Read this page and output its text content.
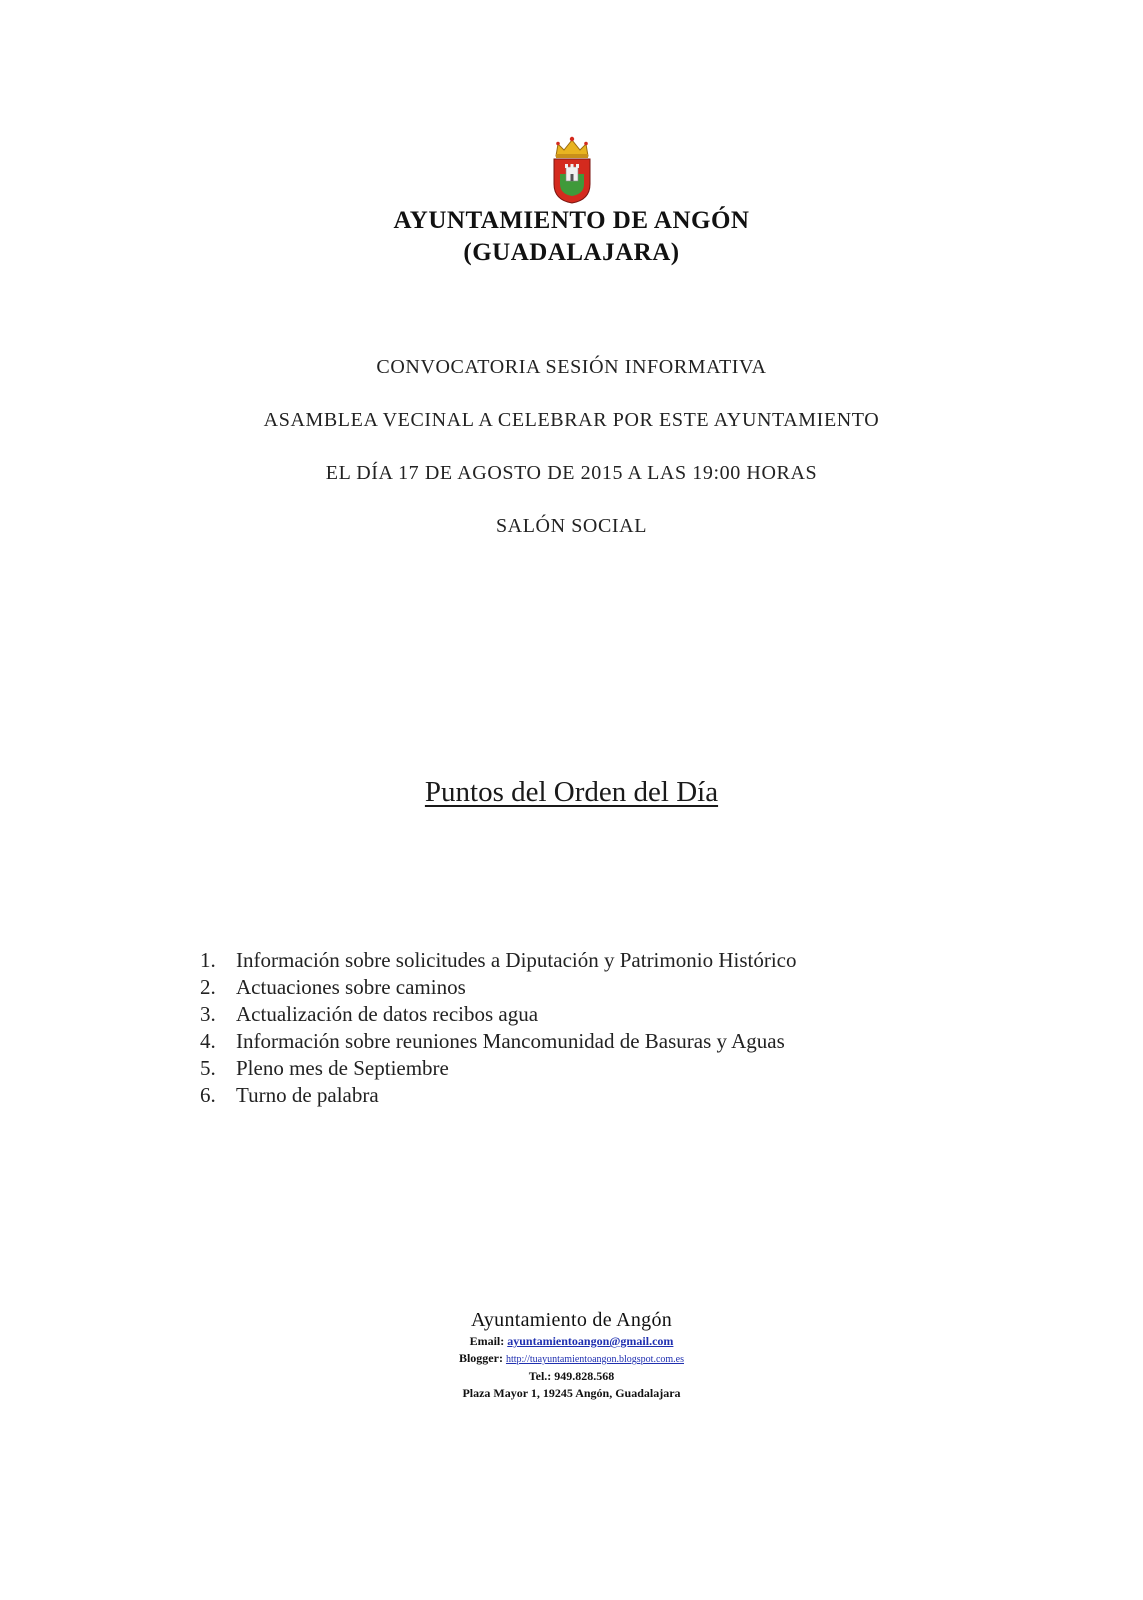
AYUNTAMIENTO DE ANGÓN
(GUADALAJARA)
CONVOCATORIA SESIÓN INFORMATIVA
ASAMBLEA VECINAL A CELEBRAR POR ESTE AYUNTAMIENTO
EL DÍA 17 DE AGOSTO DE 2015 A LAS 19:00 HORAS
SALÓN SOCIAL
Puntos del Orden del Día
1. Información sobre solicitudes a Diputación y Patrimonio Histórico
2. Actuaciones sobre caminos
3. Actualización de datos recibos agua
4. Información sobre reuniones Mancomunidad de Basuras y Aguas
5. Pleno mes de Septiembre
6. Turno de palabra
Ayuntamiento de Angón
Email: ayuntamientoangon@gmail.com
Blogger: http://tuayuntamientoangon.blogspot.com.es
Tel.: 949.828.568
Plaza Mayor 1, 19245 Angón, Guadalajara
